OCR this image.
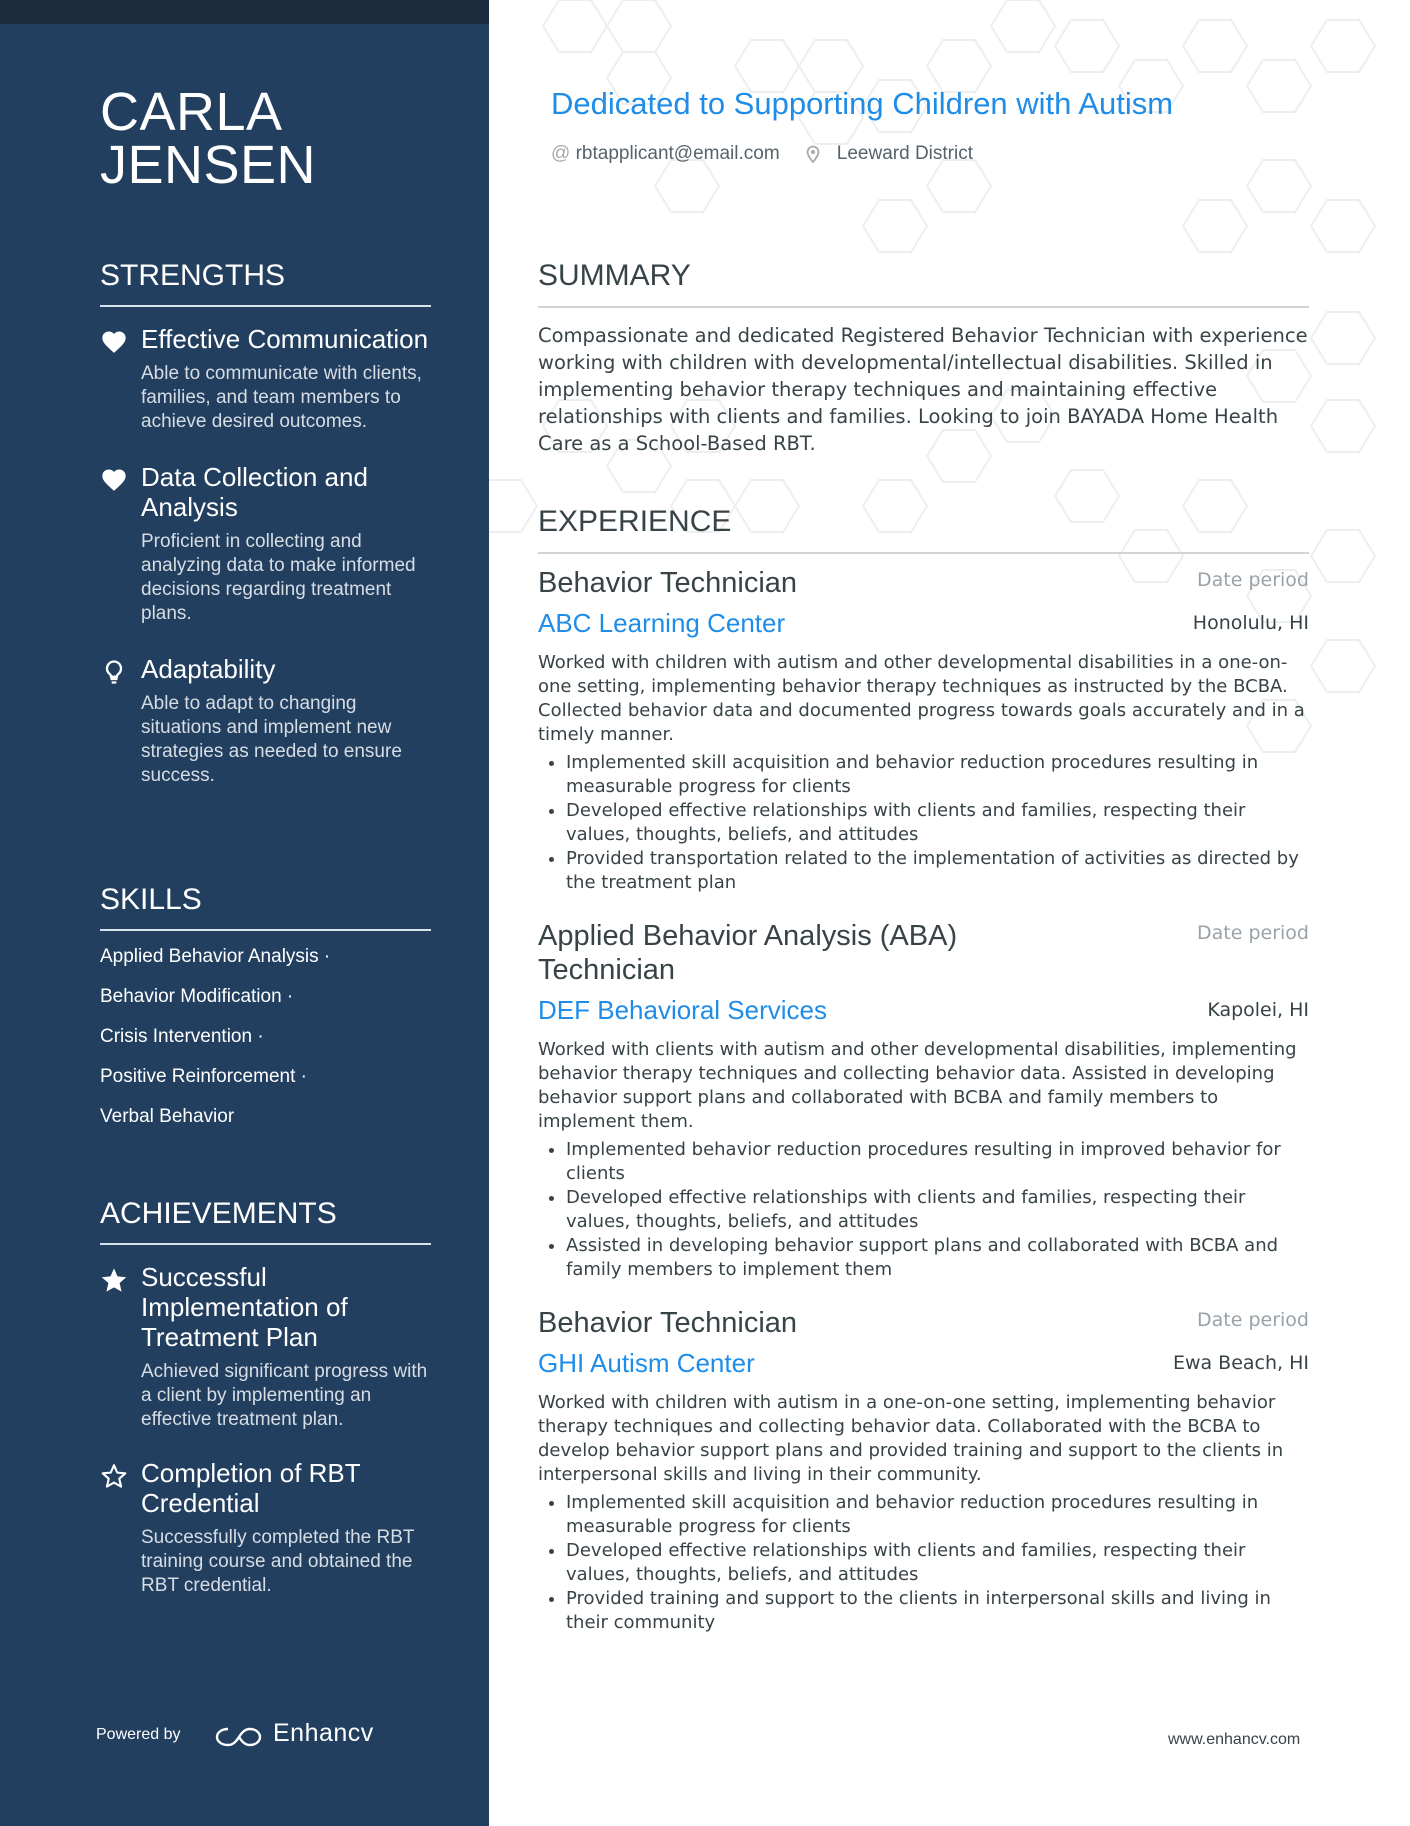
CARLA
JENSEN
STRENGTHS
Effective Communication
Able to communicate with clients, families, and team members to achieve desired outcomes.
Data Collection and Analysis
Proficient in collecting and analyzing data to make informed decisions regarding treatment plans.
Adaptability
Able to adapt to changing situations and implement new strategies as needed to ensure success.
SKILLS
Applied Behavior Analysis ·
Behavior Modification ·
Crisis Intervention ·
Positive Reinforcement ·
Verbal Behavior
ACHIEVEMENTS
Successful Implementation of Treatment Plan
Achieved significant progress with a client by implementing an effective treatment plan.
Completion of RBT Credential
Successfully completed the RBT training course and obtained the RBT credential.
Powered by	Enhancv
Dedicated to Supporting Children with Autism
@ rbtapplicant@email.com	Leeward District
SUMMARY
Compassionate and dedicated Registered Behavior Technician with experience working with children with developmental/intellectual disabilities. Skilled in implementing behavior therapy techniques and maintaining effective relationships with clients and families. Looking to join BAYADA Home Health Care as a School-Based RBT.
EXPERIENCE
Behavior Technician	Date period
ABC Learning Center	Honolulu, HI
Worked with children with autism and other developmental disabilities in a one-on-one setting, implementing behavior therapy techniques as instructed by the BCBA. Collected behavior data and documented progress towards goals accurately and in a timely manner.
• Implemented skill acquisition and behavior reduction procedures resulting in measurable progress for clients
• Developed effective relationships with clients and families, respecting their values, thoughts, beliefs, and attitudes
• Provided transportation related to the implementation of activities as directed by the treatment plan
Applied Behavior Analysis (ABA) Technician
Date period
DEF Behavioral Services	Kapolei, HI
Worked with clients with autism and other developmental disabilities, implementing behavior therapy techniques and collecting behavior data. Assisted in developing behavior support plans and collaborated with BCBA and family members to implement them.
• Implemented behavior reduction procedures resulting in improved behavior for clients
• Developed effective relationships with clients and families, respecting their values, thoughts, beliefs, and attitudes
• Assisted in developing behavior support plans and collaborated with BCBA and family members to implement them
Behavior Technician	Date period
GHI Autism Center	Ewa Beach, HI
Worked with children with autism in a one-on-one setting, implementing behavior therapy techniques and collecting behavior data. Collaborated with the BCBA to develop behavior support plans and provided training and support to the clients in interpersonal skills and living in their community.
• Implemented skill acquisition and behavior reduction procedures resulting in measurable progress for clients
• Developed effective relationships with clients and families, respecting their values, thoughts, beliefs, and attitudes
• Provided training and support to the clients in interpersonal skills and living in their community
www.enhancv.com
